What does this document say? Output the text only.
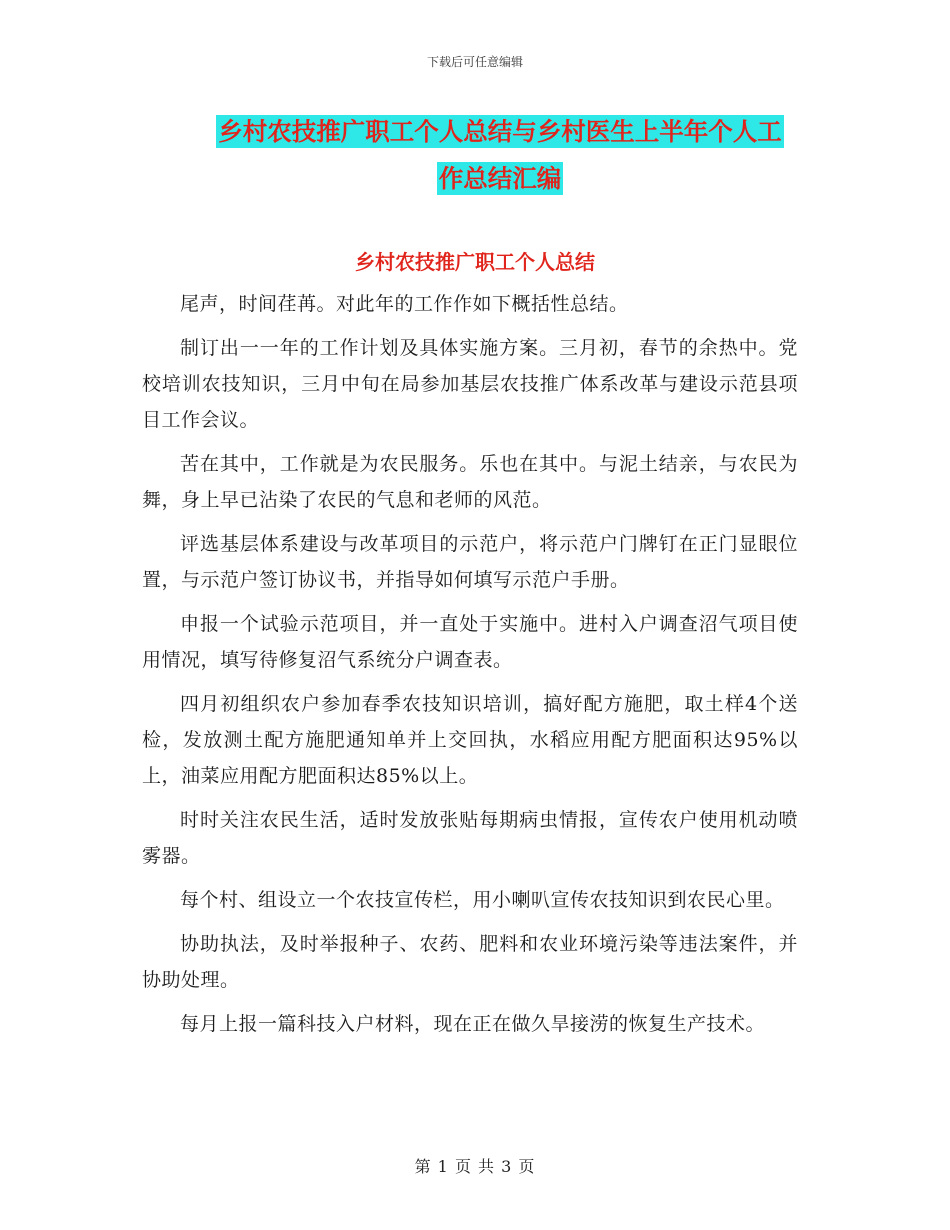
下载后可任意编辑
乡村农技推广职工个人总结与乡村医生上半年个人工
作总结汇编
乡村农技推广职工个人总结

尾声，时间荏苒。对此年的工作作如下概括性总结。

制订出一一年的工作计划及具体实施方案。三月初，春节的余热中。党校培训农技知识，三月中旬在局参加基层农技推广体系改革与建设示范县项目工作会议。

苦在其中，工作就是为农民服务。乐也在其中。与泥土结亲，与农民为舞，身上早已沾染了农民的气息和老师的风范。

评选基层体系建设与改革项目的示范户，将示范户门牌钉在正门显眼位置，与示范户签订协议书，并指导如何填写示范户手册。

申报一个试验示范项目，并一直处于实施中。进村入户调查沼气项目使用情况，填写待修复沼气系统分户调查表。

四月初组织农户参加春季农技知识培训，搞好配方施肥，取土样4个送检，发放测土配方施肥通知单并上交回执，水稻应用配方肥面积达95%以上，油菜应用配方肥面积达85%以上。

时时关注农民生活，适时发放张贴每期病虫情报，宣传农户使用机动喷雾器。

每个村、组设立一个农技宣传栏，用小喇叭宣传农技知识到农民心里。

协助执法，及时举报种子、农药、肥料和农业环境污染等违法案件，并协助处理。

每月上报一篇科技入户材料，现在正在做久旱接涝的恢复生产技术。

第 1 页 共 3 页
